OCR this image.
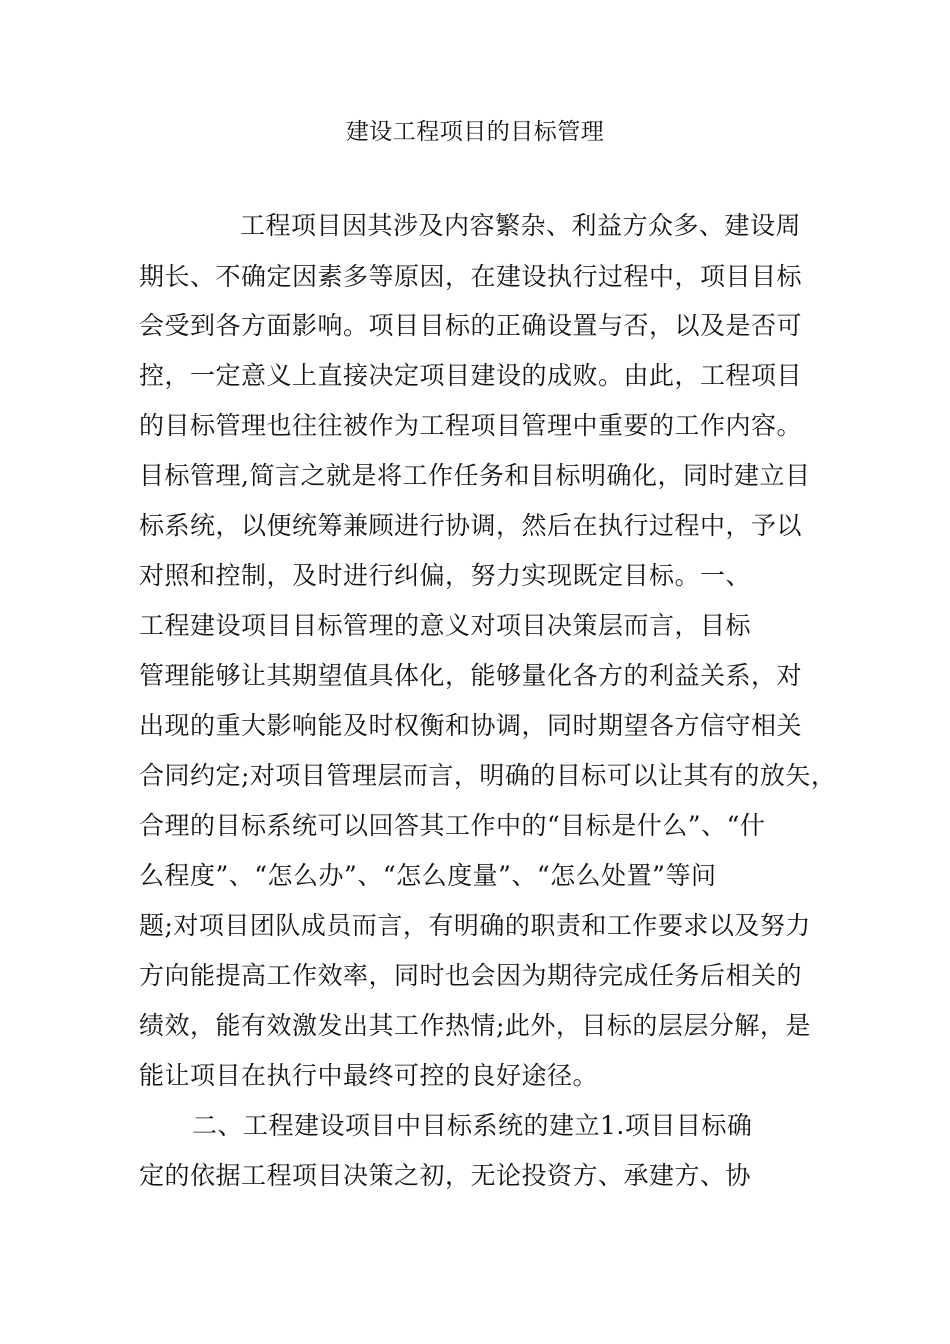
建设工程项目的目标管理
工程项目因其涉及内容繁杂、利益方众多、建设周
期长、不确定因素多等原因，在建设执行过程中，项目目标
会受到各方面影响。项目目标的正确设置与否，以及是否可
控，一定意义上直接决定项目建设的成败。由此，工程项目
的目标管理也往往被作为工程项目管理中重要的工作内容。
目标管理,简言之就是将工作任务和目标明确化，同时建立目
标系统，以便统筹兼顾进行协调，然后在执行过程中，予以
对照和控制，及时进行纠偏，努力实现既定目标。一、
工程建设项目目标管理的意义对项目决策层而言，目标
管理能够让其期望值具体化，能够量化各方的利益关系，对
出现的重大影响能及时权衡和协调，同时期望各方信守相关
合同约定;对项目管理层而言，明确的目标可以让其有的放矢，
合理的目标系统可以回答其工作中的“目标是什么”、“什
么程度”、“怎么办”、“怎么度量”、“怎么处置”等问
题;对项目团队成员而言，有明确的职责和工作要求以及努力
方向能提高工作效率，同时也会因为期待完成任务后相关的
绩效，能有效激发出其工作热情;此外，目标的层层分解，是
能让项目在执行中最终可控的良好途径。
二、工程建设项目中目标系统的建立1.项目目标确
定的依据工程项目决策之初，无论投资方、承建方、协
